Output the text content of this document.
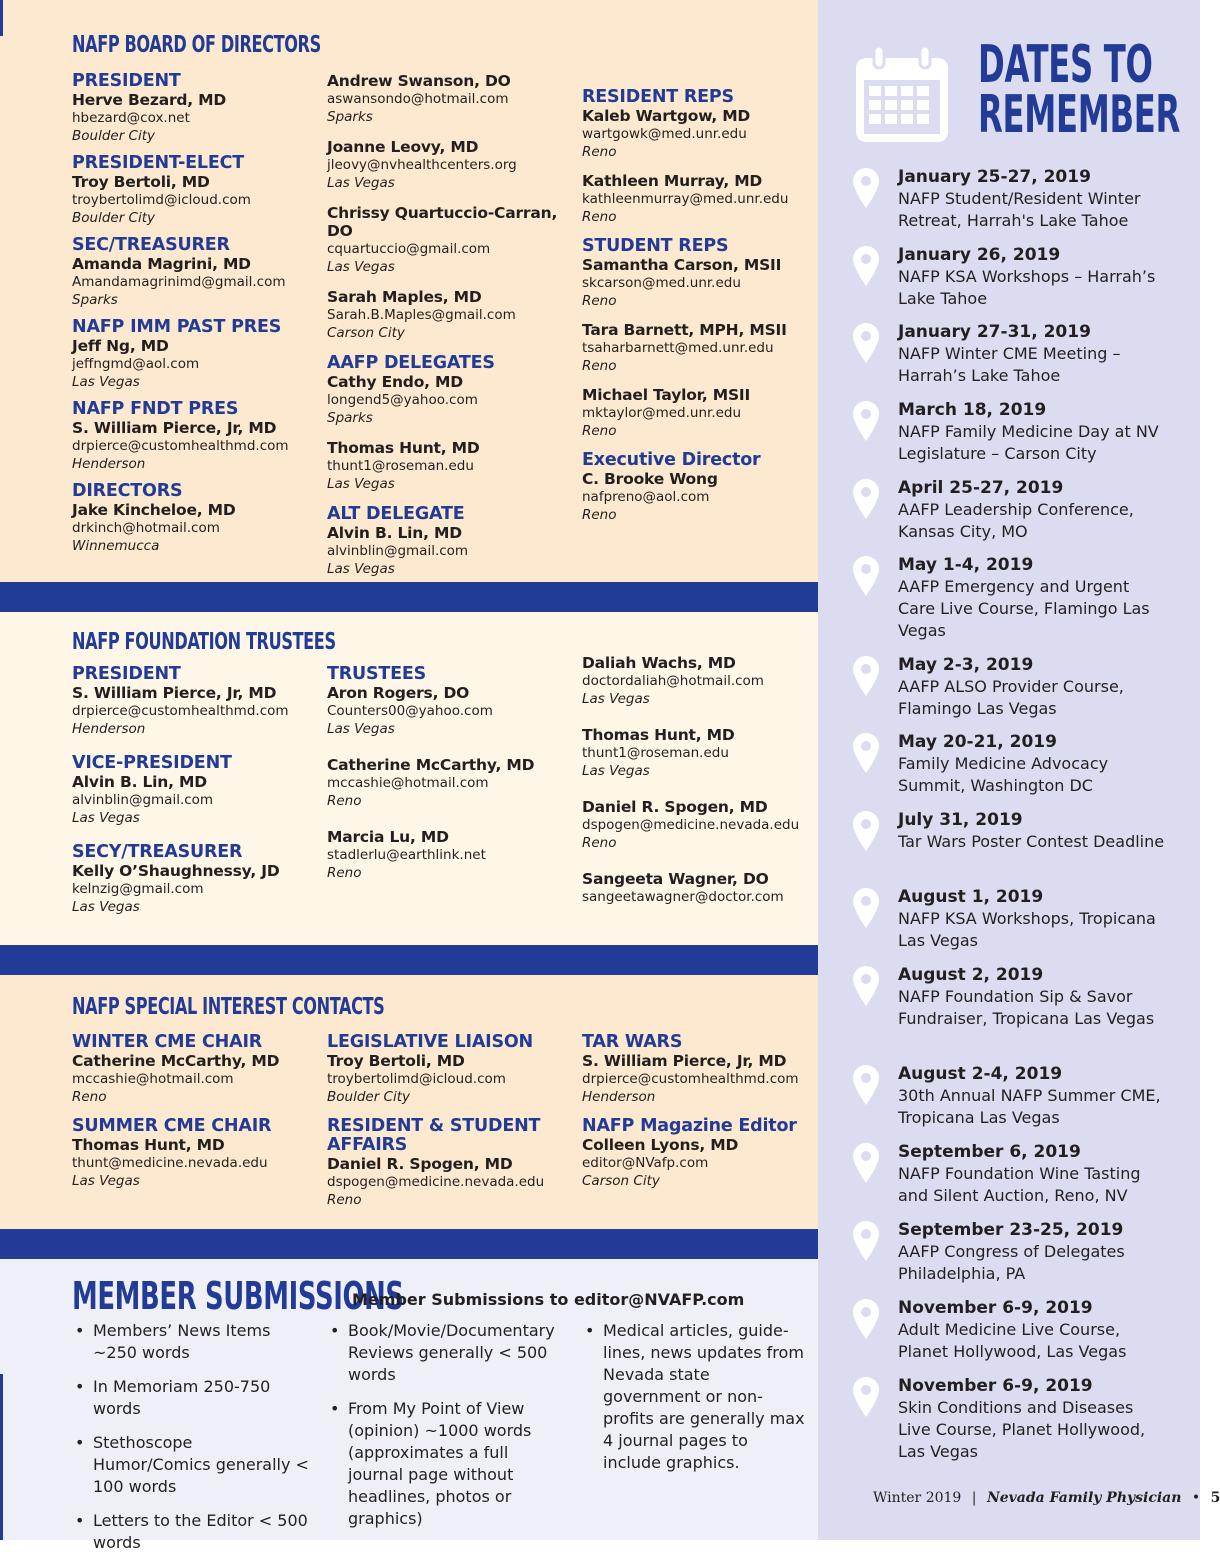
NAFP BOARD OF DIRECTORS
PRESIDENT
Herve Bezard, MD
hbezard@cox.net
Boulder City
PRESIDENT-ELECT
Troy Bertoli, MD
troybertolimd@icloud.com
Boulder City
SEC/TREASURER
Amanda Magrini, MD
Amandamagrinimd@gmail.com
Sparks
NAFP IMM PAST PRES
Jeff Ng, MD
jeffngmd@aol.com
Las Vegas
NAFP FNDT PRES
S. William Pierce, Jr, MD
drpierce@customhealthmd.com
Henderson
DIRECTORS
Jake Kincheloe, MD
drkinch@hotmail.com
Winnemucca
Andrew Swanson, DO
aswansondo@hotmail.com
Sparks
Joanne Leovy, MD
jleovy@nvhealthcenters.org
Las Vegas
Chrissy Quartuccio-Carran, DO
cquartuccio@gmail.com
Las Vegas
Sarah Maples, MD
Sarah.B.Maples@gmail.com
Carson City
AAFP DELEGATES
Cathy Endo, MD
longend5@yahoo.com
Sparks
Thomas Hunt, MD
thunt1@roseman.edu
Las Vegas
ALT DELEGATE
Alvin B. Lin, MD
alvinblin@gmail.com
Las Vegas
RESIDENT REPS
Kaleb Wartgow, MD
wartgowk@med.unr.edu
Reno
Kathleen Murray, MD
kathleenmurray@med.unr.edu
Reno
STUDENT REPS
Samantha Carson, MSII
skcarson@med.unr.edu
Reno
Tara Barnett, MPH, MSII
tsaharbarnett@med.unr.edu
Reno
Michael Taylor, MSII
mktaylor@med.unr.edu
Reno
Executive Director
C. Brooke Wong
nafpreno@aol.com
Reno
NAFP FOUNDATION TRUSTEES
PRESIDENT
S. William Pierce, Jr, MD
drpierce@customhealthmd.com
Henderson
VICE-PRESIDENT
Alvin B. Lin, MD
alvinblin@gmail.com
Las Vegas
SECY/TREASURER
Kelly O’Shaughnessy, JD
kelnzig@gmail.com
Las Vegas
TRUSTEES
Aron Rogers, DO
Counters00@yahoo.com
Las Vegas
Catherine McCarthy, MD
mccashie@hotmail.com
Reno
Marcia Lu, MD
stadlerlu@earthlink.net
Reno
Daliah Wachs, MD
doctordaliah@hotmail.com
Las Vegas
Thomas Hunt, MD
thunt1@roseman.edu
Las Vegas
Daniel R. Spogen, MD
dspogen@medicine.nevada.edu
Reno
Sangeeta Wagner, DO
sangeetawagner@doctor.com
NAFP SPECIAL INTEREST CONTACTS
WINTER CME CHAIR
Catherine McCarthy, MD
mccashie@hotmail.com
Reno
SUMMER CME CHAIR
Thomas Hunt, MD
thunt@medicine.nevada.edu
Las Vegas
LEGISLATIVE LIAISON
Troy Bertoli, MD
troybertolimd@icloud.com
Boulder City
RESIDENT & STUDENT AFFAIRS
Daniel R. Spogen, MD
dspogen@medicine.nevada.edu
Reno
TAR WARS
S. William Pierce, Jr, MD
drpierce@customhealthmd.com
Henderson
NAFP Magazine Editor
Colleen Lyons, MD
editor@NVafp.com
Carson City
MEMBER SUBMISSIONS
Member Submissions to editor@NVAFP.com
• Members’ News Items ~250 words
• In Memoriam 250-750 words
• Stethoscope Humor/Comics generally < 100 words
• Letters to the Editor < 500 words
• Book/Movie/Documentary Reviews generally < 500 words
• From My Point of View (opinion) ~1000 words (approximates a full journal page without headlines, photos or graphics)
• Medical articles, guide-lines, news updates from Nevada state government or non-profits are generally max 4 journal pages to include graphics.
DATES TO
REMEMBER
January 25-27, 2019
NAFP Student/Resident Winter Retreat, Harrah's Lake Tahoe
January 26, 2019
NAFP KSA Workshops – Harrah’s Lake Tahoe
January 27-31, 2019
NAFP Winter CME Meeting – Harrah’s Lake Tahoe
March 18, 2019
NAFP Family Medicine Day at NV Legislature – Carson City
April 25-27, 2019
AAFP Leadership Conference, Kansas City, MO
May 1-4, 2019
AAFP Emergency and Urgent Care Live Course, Flamingo Las Vegas
May 2-3, 2019
AAFP ALSO Provider Course, Flamingo Las Vegas
May 20-21, 2019
Family Medicine Advocacy Summit, Washington DC
July 31, 2019
Tar Wars Poster Contest Deadline
August 1, 2019
NAFP KSA Workshops, Tropicana Las Vegas
August 2, 2019
NAFP Foundation Sip & Savor Fundraiser, Tropicana Las Vegas
August 2-4, 2019
30th Annual NAFP Summer CME, Tropicana Las Vegas
September 6, 2019
NAFP Foundation Wine Tasting and Silent Auction, Reno, NV
September 23-25, 2019
AAFP Congress of Delegates Philadelphia, PA
November 6-9, 2019
Adult Medicine Live Course, Planet Hollywood, Las Vegas
November 6-9, 2019
Skin Conditions and Diseases Live Course, Planet Hollywood, Las Vegas
Winter 2019 | Nevada Family Physician • 5
